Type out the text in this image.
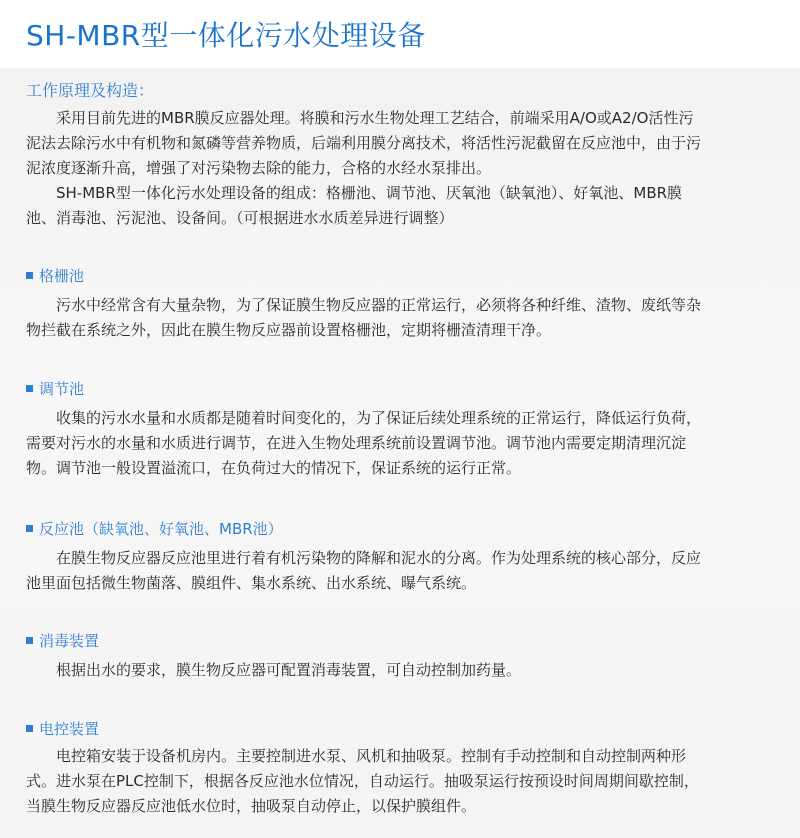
SH-MBR型一体化污水处理设备
工作原理及构造：
采用目前先进的MBR膜反应器处理。将膜和污水生物处理工艺结合，前端采用A/O或A2/O活性污
泥法去除污水中有机物和氮磷等营养物质，后端利用膜分离技术，将活性污泥截留在反应池中，由于污
泥浓度逐渐升高，增强了对污染物去除的能力，合格的水经水泵排出。
SH-MBR型一体化污水处理设备的组成：格栅池、调节池、厌氧池（缺氧池）、好氧池、MBR膜
池、消毒池、污泥池、设备间。（可根据进水水质差异进行调整）
格栅池
污水中经常含有大量杂物，为了保证膜生物反应器的正常运行，必须将各种纤维、渣物、废纸等杂
物拦截在系统之外，因此在膜生物反应器前设置格栅池，定期将栅渣清理干净。
调节池
收集的污水水量和水质都是随着时间变化的，为了保证后续处理系统的正常运行，降低运行负荷，
需要对污水的水量和水质进行调节，在进入生物处理系统前设置调节池。调节池内需要定期清理沉淀
物。调节池一般设置溢流口，在负荷过大的情况下，保证系统的运行正常。
反应池（缺氧池、好氧池、MBR池）
在膜生物反应器反应池里进行着有机污染物的降解和泥水的分离。作为处理系统的核心部分，反应
池里面包括微生物菌落、膜组件、集水系统、出水系统、曝气系统。
消毒装置
根据出水的要求，膜生物反应器可配置消毒装置，可自动控制加药量。
电控装置
电控箱安装于设备机房内。主要控制进水泵、风机和抽吸泵。控制有手动控制和自动控制两种形
式。进水泵在PLC控制下，根据各反应池水位情况，自动运行。抽吸泵运行按预设时间周期间歇控制，
当膜生物反应器反应池低水位时，抽吸泵自动停止，以保护膜组件。
